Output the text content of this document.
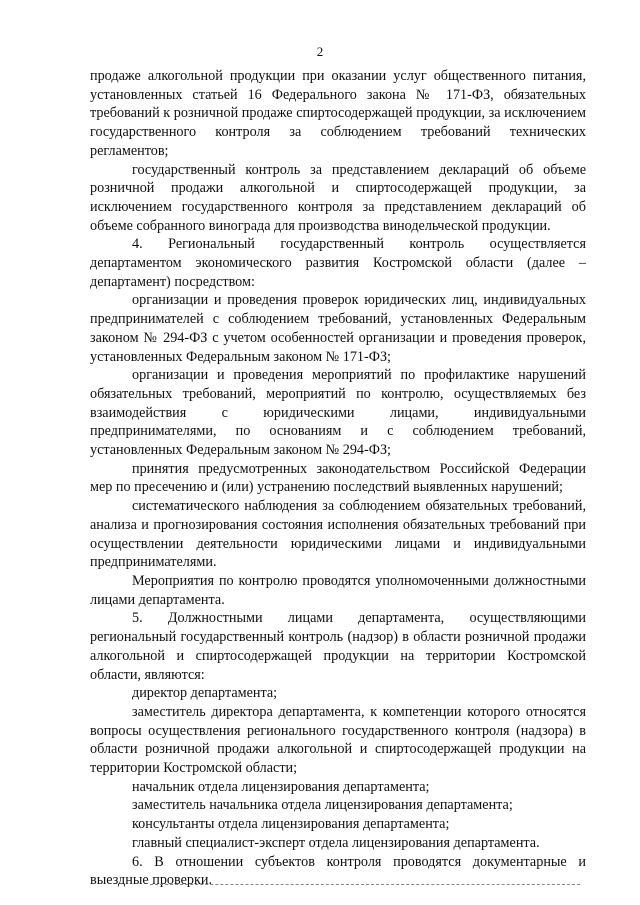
2

продаже алкогольной продукции при оказании услуг общественного питания, установленных статьей 16 Федерального закона № 171-ФЗ, обязательных требований к розничной продаже спиртосодержащей продукции, за исключением государственного контроля за соблюдением требований технических регламентов;

государственный контроль за представлением деклараций об объеме розничной продажи алкогольной и спиртосодержащей продукции, за исключением государственного контроля за представлением деклараций об объеме собранного винограда для производства винодельческой продукции.

4. Региональный государственный контроль осуществляется департаментом экономического развития Костромской области (далее – департамент) посредством:

организации и проведения проверок юридических лиц, индивидуальных предпринимателей с соблюдением требований, установленных Федеральным законом № 294-ФЗ с учетом особенностей организации и проведения проверок, установленных Федеральным законом № 171-ФЗ;

организации и проведения мероприятий по профилактике нарушений обязательных требований, мероприятий по контролю, осуществляемых без взаимодействия с юридическими лицами, индивидуальными предпринимателями, по основаниям и с соблюдением требований, установленных Федеральным законом № 294-ФЗ;

принятия предусмотренных законодательством Российской Федерации мер по пресечению и (или) устранению последствий выявленных нарушений;

систематического наблюдения за соблюдением обязательных требований, анализа и прогнозирования состояния исполнения обязательных требований при осуществлении деятельности юридическими лицами и индивидуальными предпринимателями.

Мероприятия по контролю проводятся уполномоченными должностными лицами департамента.

5. Должностными лицами департамента, осуществляющими региональный государственный контроль (надзор) в области розничной продажи алкогольной и спиртосодержащей продукции на территории Костромской области, являются:

директор департамента;

заместитель директора департамента, к компетенции которого относятся вопросы осуществления регионального государственного контроля (надзора) в области розничной продажи алкогольной и спиртосодержащей продукции на территории Костромской области;

начальник отдела лицензирования департамента;

заместитель начальника отдела лицензирования департамента;

консультанты отдела лицензирования департамента;

главный специалист-эксперт отдела лицензирования департамента.

6. В отношении субъектов контроля проводятся документарные и выездные проверки.
